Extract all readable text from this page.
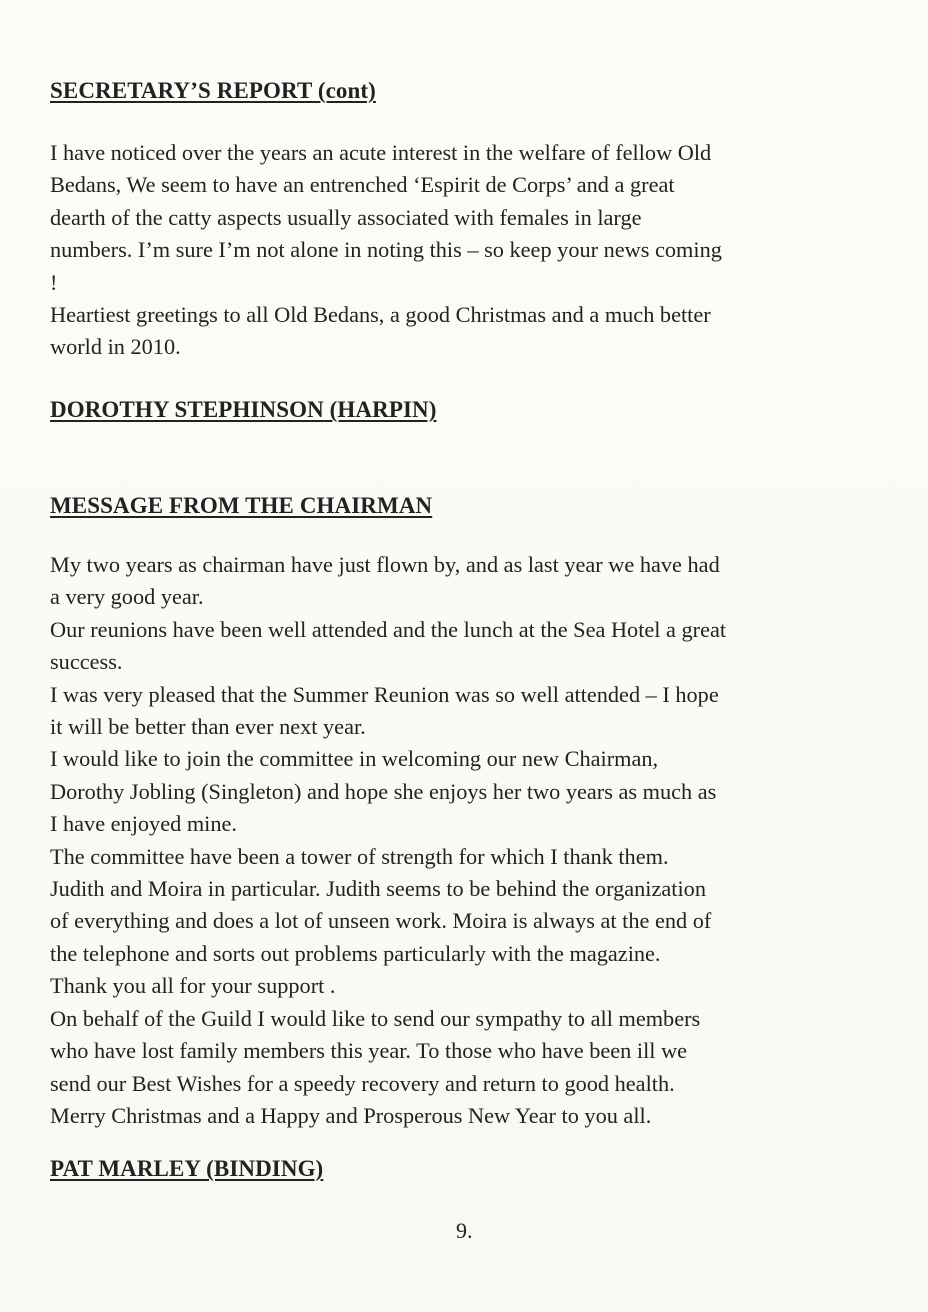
SECRETARY’S REPORT (cont)

I have noticed over the years an acute interest in the welfare of fellow Old
Bedans, We seem to have an entrenched ‘Espirit de Corps’ and a great
dearth of the catty aspects usually associated with females in large
numbers. I’m sure I’m not alone in noting this – so keep your news coming
!
Heartiest greetings to all Old Bedans, a good Christmas and a much better
world in 2010.

DOROTHY STEPHINSON (HARPIN)
MESSAGE FROM THE CHAIRMAN

My two years as chairman have just flown by, and as last year we have had
a very good year.
Our reunions have been well attended and the lunch at the Sea Hotel a great
success.
I was very pleased that the Summer Reunion was so well attended – I hope
it will be better than ever next year.
I would like to join the committee in welcoming our new Chairman,
Dorothy Jobling (Singleton) and hope she enjoys her two years as much as
I have enjoyed mine.
The committee have been a tower of strength for which I thank them.
Judith and Moira in particular. Judith seems to be behind the organization
of everything and does a lot of unseen work. Moira is always at the end of
the telephone and sorts out problems particularly with the magazine.
Thank you all for your support .
On behalf of the Guild I would like to send our sympathy to all members
who have lost family members this year. To those who have been ill we
send our Best Wishes for a speedy recovery and return to good health.
Merry Christmas and a Happy and Prosperous New Year to you all.

PAT MARLEY (BINDING)

9.
